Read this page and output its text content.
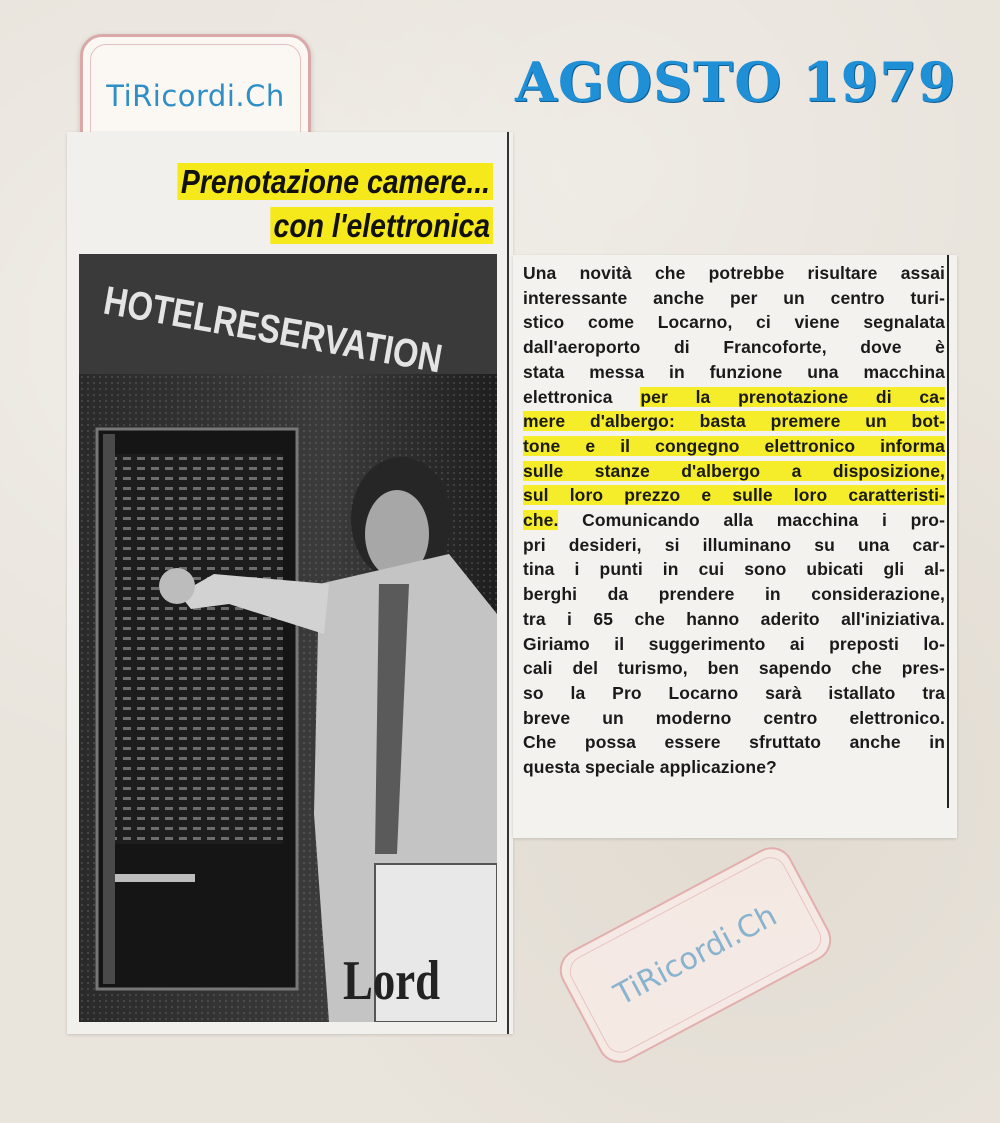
TiRicordi.Ch	AGOSTO 1979
Prenotazione camere...
con l'elettronica
HOTELRESERVATION
Lord

Una novità che potrebbe risultare assai
interessante anche per un centro turi-
stico come Locarno, ci viene segnalata
dall'aeroporto di Francoforte, dove è
stata messa in funzione una macchina
elettronica per la prenotazione di ca-
mere d'albergo: basta premere un bot-
tone e il congegno elettronico informa
sulle stanze d'albergo a disposizione,
sul loro prezzo e sulle loro caratteristi-
che. Comunicando alla macchina i pro-
pri desideri, si illuminano su una car-
tina i punti in cui sono ubicati gli al-
berghi da prendere in considerazione,
tra i 65 che hanno aderito all'iniziativa.
Giriamo il suggerimento ai preposti lo-
cali del turismo, ben sapendo che pres-
so la Pro Locarno sarà istallato tra
breve un moderno centro elettronico.
Che possa essere sfruttato anche in
questa speciale applicazione?

TiRicordi.Ch
